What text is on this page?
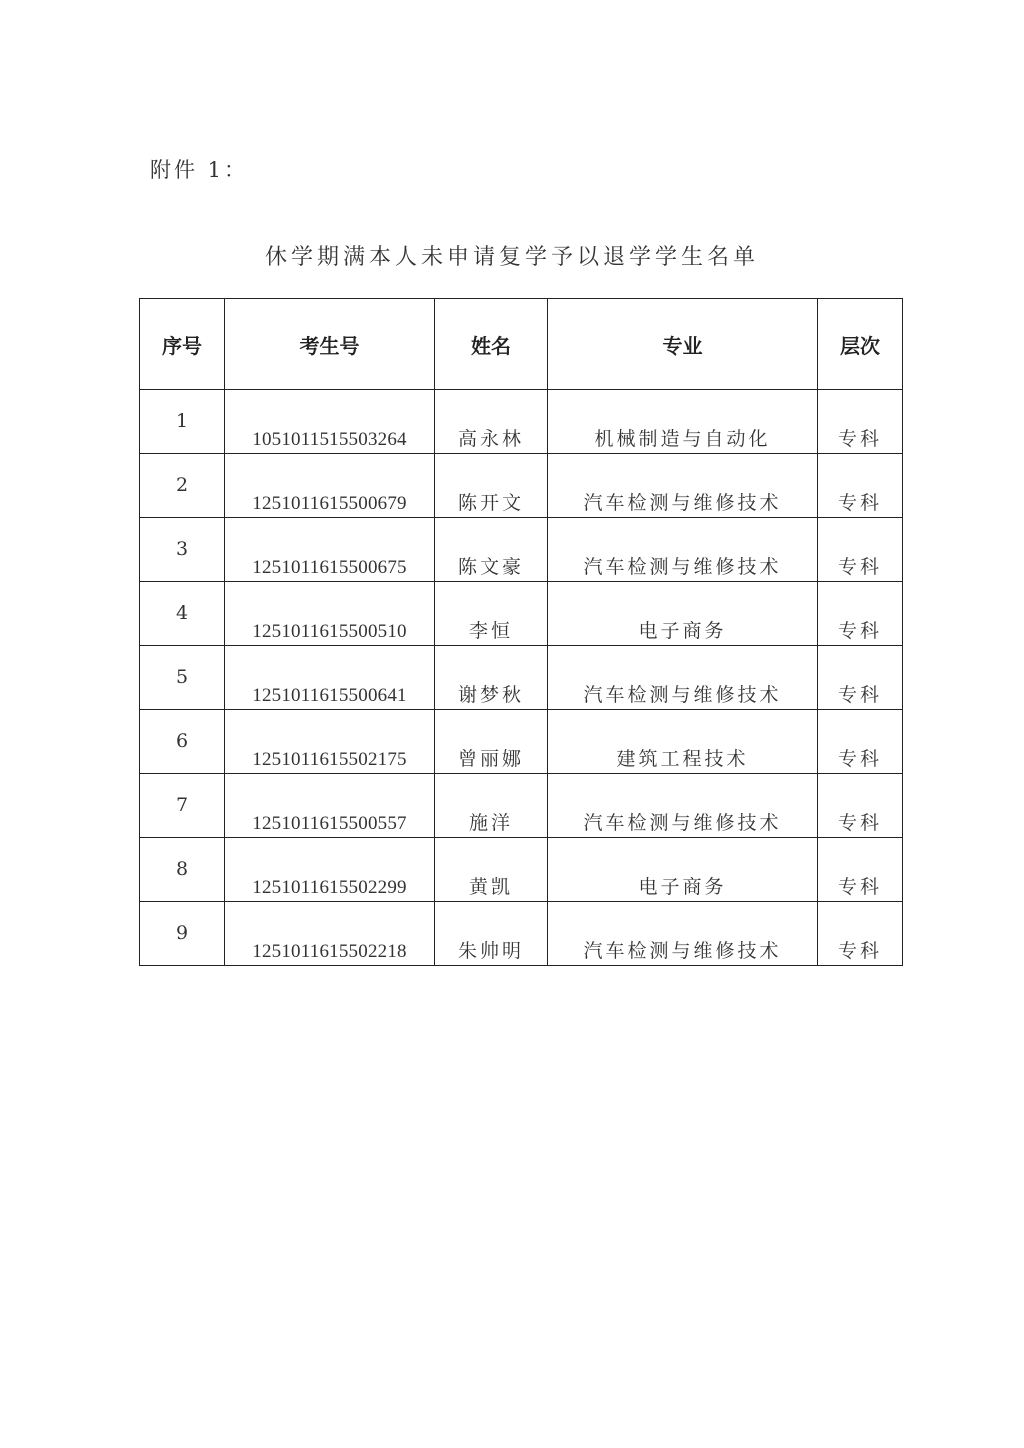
附件 1：
休学期满本人未申请复学予以退学学生名单
序号	考生号	姓名	专业	层次
1	1051011515503264	高永林	机械制造与自动化	专科
2	1251011615500679	陈开文	汽车检测与维修技术	专科
3	1251011615500675	陈文豪	汽车检测与维修技术	专科
4	1251011615500510	李恒	电子商务	专科
5	1251011615500641	谢梦秋	汽车检测与维修技术	专科
6	1251011615502175	曾丽娜	建筑工程技术	专科
7	1251011615500557	施洋	汽车检测与维修技术	专科
8	1251011615502299	黄凯	电子商务	专科
9	1251011615502218	朱帅明	汽车检测与维修技术	专科
